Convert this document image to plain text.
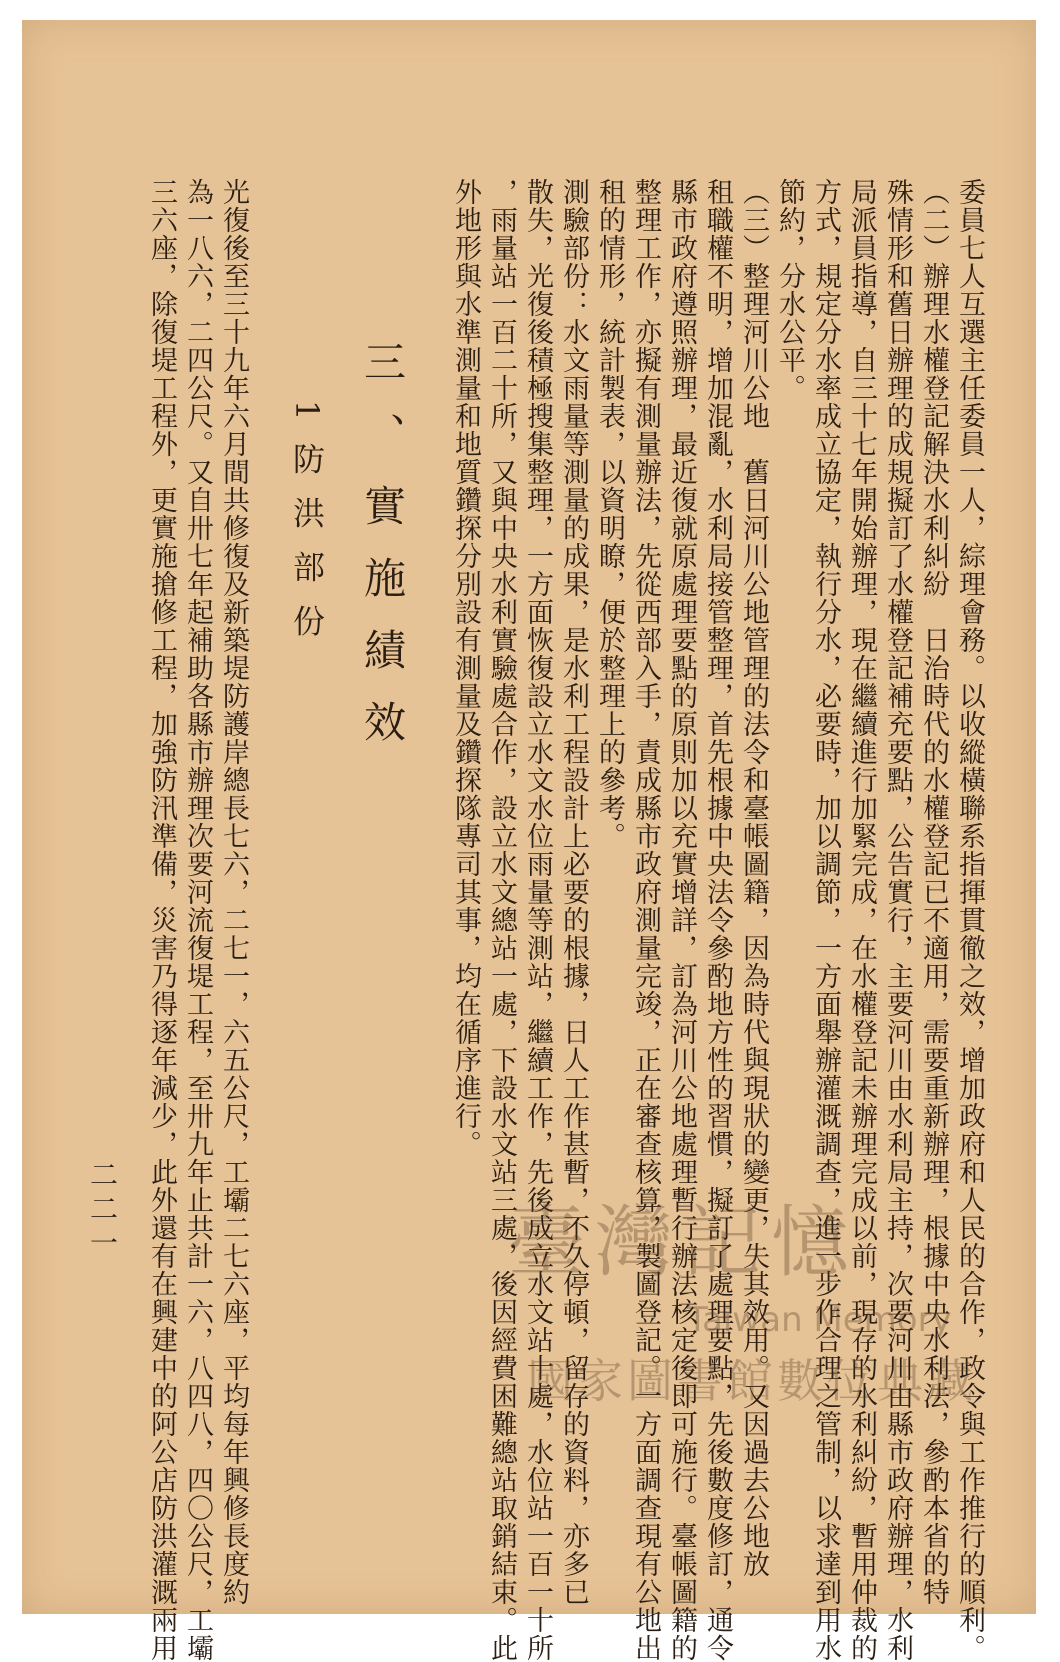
委員七人互選主任委員一人，綜理會務。以收縱橫聯系指揮貫徹之效，增加政府和人民的合作，政令與工作推行的順利。
（二）辦理水權登記解決水利糾紛　日治時代的水權登記已不適用，需要重新辦理，根據中央水利法，參酌本省的特
殊情形和舊日辦理的成規擬訂了水權登記補充要點，公告實行，主要河川由水利局主持，次要河川由縣市政府辦理，水利
局派員指導，自三十七年開始辦理，現在繼續進行加緊完成，在水權登記未辦理完成以前，現存的水利糾紛，暫用仲裁的
方式，規定分水率成立協定，執行分水，必要時，加以調節，一方面舉辦灌溉調查，進一步作合理之管制，以求達到用水
節約，分水公平。
（三）整理河川公地　舊日河川公地管理的法令和臺帳圖籍，因為時代與現狀的變更，失其效用。又因過去公地放
租職權不明，增加混亂，水利局接管整理，首先根據中央法令參酌地方性的習慣，擬訂了處理要點，先後數度修訂，通令
縣市政府遵照辦理，最近復就原處理要點的原則加以充實增詳，訂為河川公地處理暫行辦法核定後即可施行。臺帳圖籍的
整理工作，亦擬有測量辦法，先從西部入手，責成縣市政府測量完竣，正在審查核算，製圖登記。一方面調查現有公地出
租的情形，統計製表，以資明瞭，便於整理上的參考。
測驗部份：水文雨量等測量的成果，是水利工程設計上必要的根據，日人工作甚暫，不久停頓，留存的資料，亦多已
散失，光復後積極搜集整理，一方面恢復設立水文水位雨量等測站，繼續工作，先後成立水文站十處，水位站一百一十所
，雨量站一百二十所，又與中央水利實驗處合作，設立水文總站一處，下設水文站三處，後因經費困難總站取銷結束。此
外地形與水準測量和地質鑽探分別設有測量及鑽探隊專司其事，均在循序進行。
三、實施績效
1防洪部份
光復後至三十九年六月間共修復及新築堤防護岸總長七六，二七一，六五公尺，工壩二七六座，平均每年興修長度約
為一八六，二四公尺。又自卅七年起補助各縣市辦理次要河流復堤工程，至卅九年止共計一六，八四八，四〇公尺，工壩
三六座，除復堤工程外，更實施搶修工程，加強防汛準備，災害乃得逐年減少，此外還有在興建中的阿公店防洪灌溉兩用
二二一	臺灣記憶
Taiwan Memory
國家圖書館數位典藏
